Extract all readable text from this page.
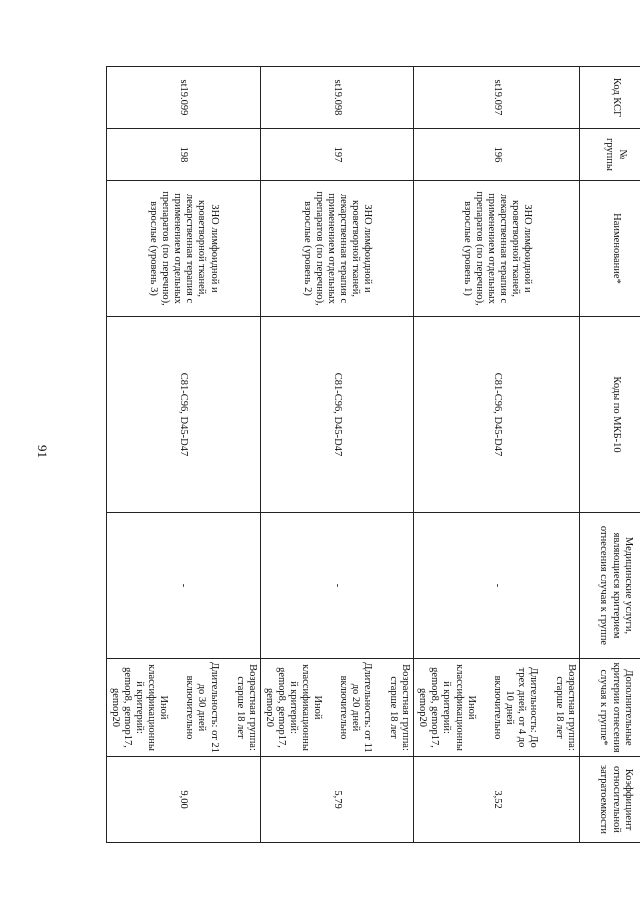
91
Код КСГ	№ группы	Наименование*	Коды по МКБ-10	Медицинские услуги, являющиеся критерием отнесения случая к группе	Дополнительные критерии отнесения случая к группе*	Коэффициент относительной затратоемкости
st19.097	196	ЗНО лимфоидной и кроветворной тканей, лекарственная терапия с применением отдельных препаратов (по перечню), взрослые (уровень 1)	C81-C96, D45-D47	-	Возрастная группа: старше 18 лет
Длительность: До трех дней, от 4 до 10 дней включительно
Иной классификационный критерий: gemop8, gemop17, gemop20	3,52
st19.098	197	ЗНО лимфоидной и кроветворной тканей, лекарственная терапия с применением отдельных препаратов (по перечню), взрослые (уровень 2)	C81-C96, D45-D47	-	Возрастная группа: старше 18 лет
Длительность: от 11 до 20 дней включительно
Иной классификационный критерий: gemop8, gemop17, gemop20	5,79
st19.099	198	ЗНО лимфоидной и кроветворной тканей, лекарственная терапия с применением отдельных препаратов (по перечню), взрослые (уровень 3)	C81-C96, D45-D47	-	Возрастная группа: старше 18 лет
Длительность: от 21 до 30 дней включительно
Иной классификационный критерий: gemop8, gemop17, gemop20	9,00
